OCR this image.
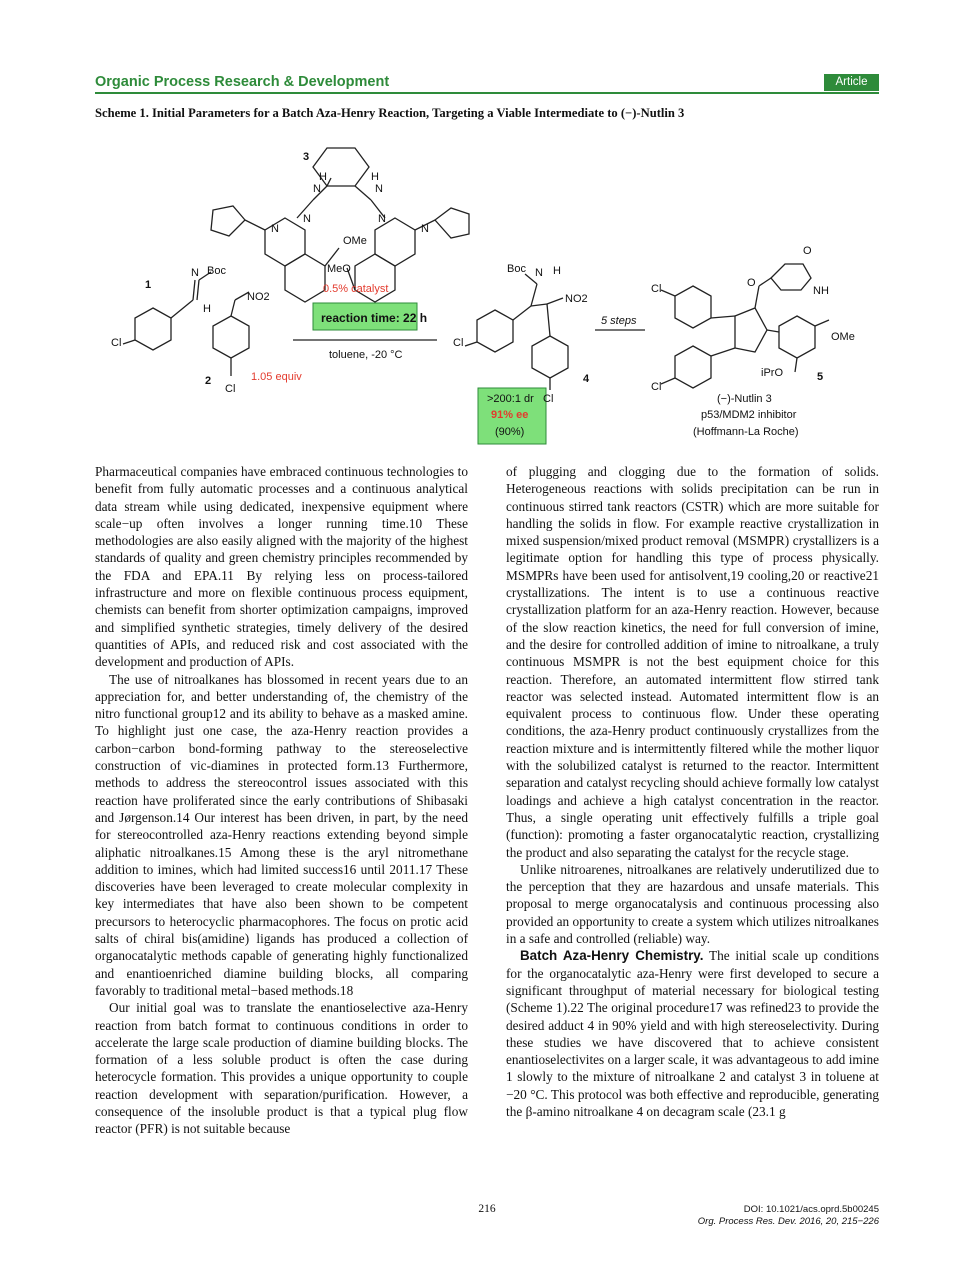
Organic Process Research & Development	Article
Scheme 1. Initial Parameters for a Batch Aza-Henry Reaction, Targeting a Viable Intermediate to (−)-Nutlin 3
3
H	H
N	N
N	N
N	N
OMe
MeO
0.5% catalyst
reaction time: 22 h
toluene, -20 °C
1
N Boc
H
Cl
2
NO2
Cl
1.05 equiv
Boc N H
NO2
Cl
Cl
4
>200:1 dr
91% ee
(90%)
5 steps
Cl
Cl
O
O
NH
OMe
iPrO	5
(−)-Nutlin 3
p53/MDM2 inhibitor
(Hoffmann-La Roche)

Pharmaceutical companies have embraced continuous technologies to benefit from fully automatic processes and a continuous analytical data stream while using dedicated, inexpensive equipment where scale−up often involves a longer running time.10 These methodologies are also easily aligned with the majority of the highest standards of quality and green chemistry principles recommended by the FDA and EPA.11 By relying less on process-tailored infrastructure and more on flexible continuous process equipment, chemists can benefit from shorter optimization campaigns, improved and simplified synthetic strategies, timely delivery of the desired quantities of APIs, and reduced risk and cost associated with the development and production of APIs.

The use of nitroalkanes has blossomed in recent years due to an appreciation for, and better understanding of, the chemistry of the nitro functional group12 and its ability to behave as a masked amine. To highlight just one case, the aza-Henry reaction provides a carbon−carbon bond-forming pathway to the stereoselective construction of vic-diamines in protected form.13 Furthermore, methods to address the stereocontrol issues associated with this reaction have proliferated since the early contributions of Shibasaki and Jørgenson.14 Our interest has been driven, in part, by the need for stereocontrolled aza-Henry reactions extending beyond simple aliphatic nitroalkanes.15 Among these is the aryl nitromethane addition to imines, which had limited success16 until 2011.17 These discoveries have been leveraged to create molecular complexity in key intermediates that have also been shown to be competent precursors to heterocyclic pharmacophores. The focus on protic acid salts of chiral bis(amidine) ligands has produced a collection of organocatalytic methods capable of generating highly functionalized and enantioenriched diamine building blocks, all comparing favorably to traditional metal−based methods.18

Our initial goal was to translate the enantioselective aza-Henry reaction from batch format to continuous conditions in order to accelerate the large scale production of diamine building blocks. The formation of a less soluble product is often the case during heterocycle formation. This provides a unique opportunity to couple reaction development with separation/purification. However, a consequence of the insoluble product is that a typical plug flow reactor (PFR) is not suitable because

of plugging and clogging due to the formation of solids. Heterogeneous reactions with solids precipitation can be run in continuous stirred tank reactors (CSTR) which are more suitable for handling the solids in flow. For example reactive crystallization in mixed suspension/mixed product removal (MSMPR) crystallizers is a legitimate option for handling this type of process physically. MSMPRs have been used for antisolvent,19 cooling,20 or reactive21 crystallizations. The intent is to use a continuous reactive crystallization platform for an aza-Henry reaction. However, because of the slow reaction kinetics, the need for full conversion of imine, and the desire for controlled addition of imine to nitroalkane, a truly continuous MSMPR is not the best equipment choice for this reaction. Therefore, an automated intermittent flow stirred tank reactor was selected instead. Automated intermittent flow is an equivalent process to continuous flow. Under these operating conditions, the aza-Henry product continuously crystallizes from the reaction mixture and is intermittently filtered while the mother liquor with the solubilized catalyst is returned to the reactor. Intermittent separation and catalyst recycling should achieve formally low catalyst loadings and achieve a high catalyst concentration in the reactor. Thus, a single operating unit effectively fulfills a triple goal (function): promoting a faster organocatalytic reaction, crystallizing the product and also separating the catalyst for the recycle stage.

Unlike nitroarenes, nitroalkanes are relatively underutilized due to the perception that they are hazardous and unsafe materials. This proposal to merge organocatalysis and continuous processing also provided an opportunity to create a system which utilizes nitroalkanes in a safe and controlled (reliable) way.

Batch Aza-Henry Chemistry. The initial scale up conditions for the organocatalytic aza-Henry were first developed to secure a significant throughput of material necessary for biological testing (Scheme 1).22 The original procedure17 was refined23 to provide the desired adduct 4 in 90% yield and with high stereoselectivity. During these studies we have discovered that to achieve consistent enantioselectivites on a larger scale, it was advantageous to add imine 1 slowly to the mixture of nitroalkane 2 and catalyst 3 in toluene at −20 °C. This protocol was both effective and reproducible, generating the β-amino nitroalkane 4 on decagram scale (23.1 g

216	DOI: 10.1021/acs.oprd.5b00245
Org. Process Res. Dev. 2016, 20, 215−226
